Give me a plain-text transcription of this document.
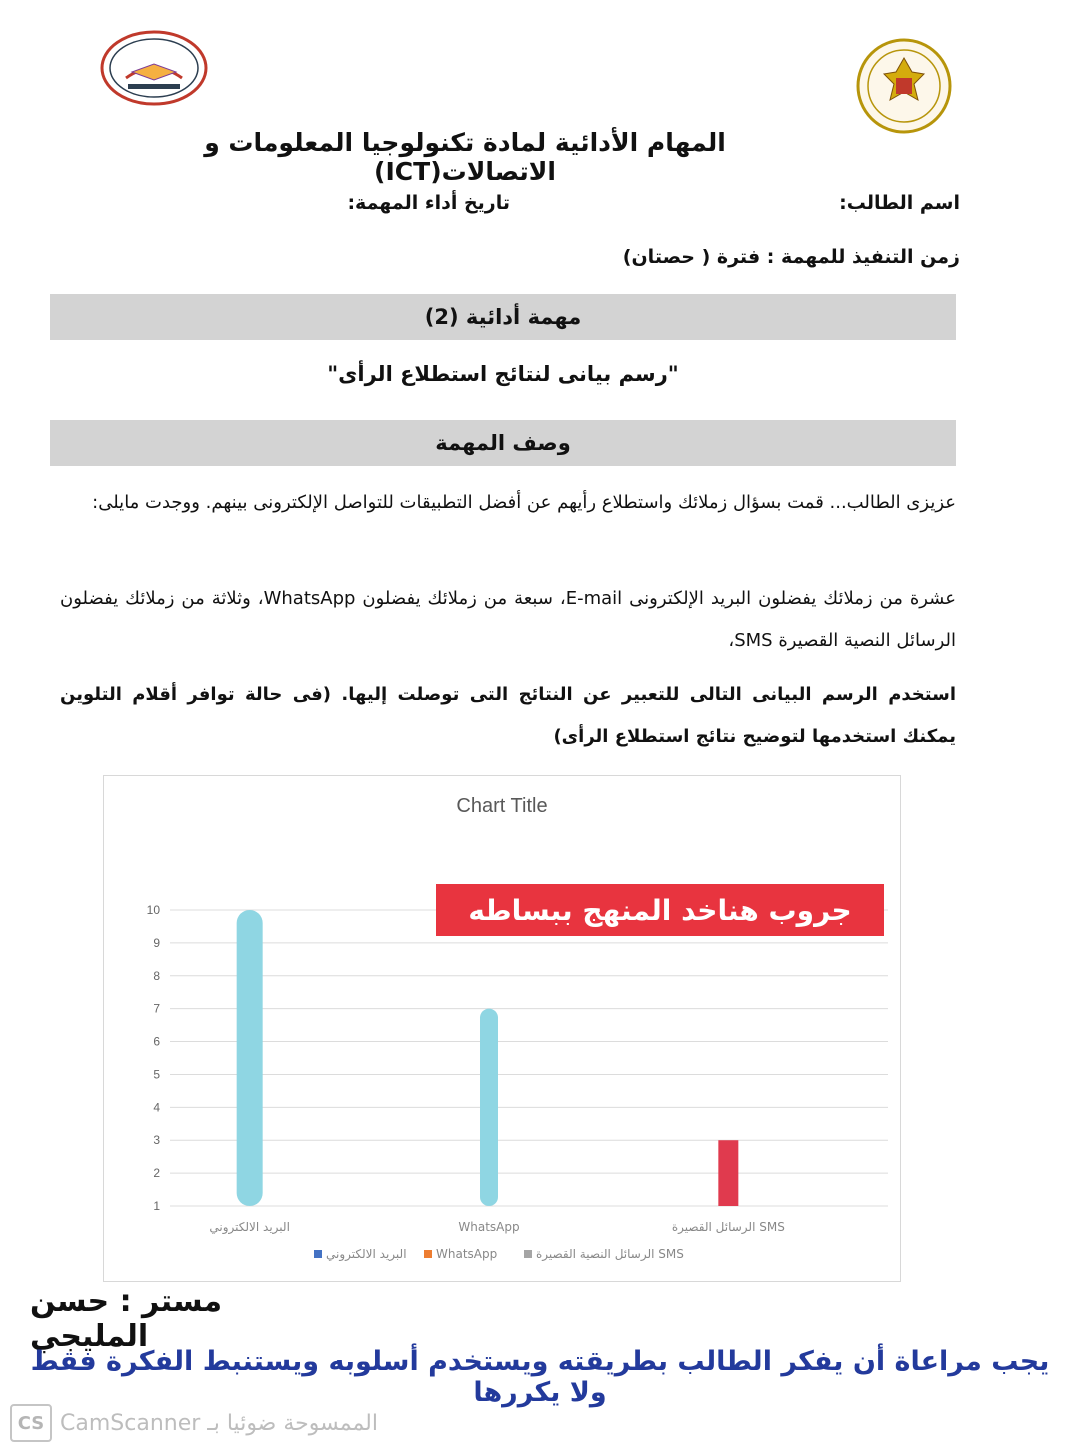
المهام الأدائية لمادة تكنولوجيا المعلومات و الاتصالات(ICT)
اسم الطالب:
تاريخ أداء المهمة:
زمن التنفيذ للمهمة : فترة ( حصتان)
مهمة أدائية (2)
"رسم بيانى لنتائج استطلاع الرأى"
وصف المهمة
عزيزى الطالب... قمت بسؤال زملائك واستطلاع رأيهم عن أفضل التطبيقات للتواصل الإلكترونى بينهم. ووجدت مايلى:
عشرة من زملائك يفضلون البريد الإلكترونى E-mail، سبعة من زملائك يفضلون WhatsApp، وثلاثة من زملائك يفضلون الرسائل النصية القصيرة SMS،
استخدم الرسم البيانى التالى للتعبير عن النتائج التى توصلت إليها. (فى حالة توافر أقلام التلوين يمكنك استخدمها لتوضيح نتائج استطلاع الرأى)
Chart Title
1
2
3
4
5
6
7
8
9
10
البريد الالكتروني	WhatsApp	الرسائل القصيرة SMS
البريد الالكتروني WhatsApp	الرسائل النصية القصيرة SMS
جروب هناخد المنهج ببساطه
مستر : حسن المليجي
يجب مراعاة أن يفكر الطالب بطريقته ويستخدم أسلوبه ويستنبط الفكرة فقط ولا يكررها
CS الممسوحة ضوئيا بـ CamScanner
